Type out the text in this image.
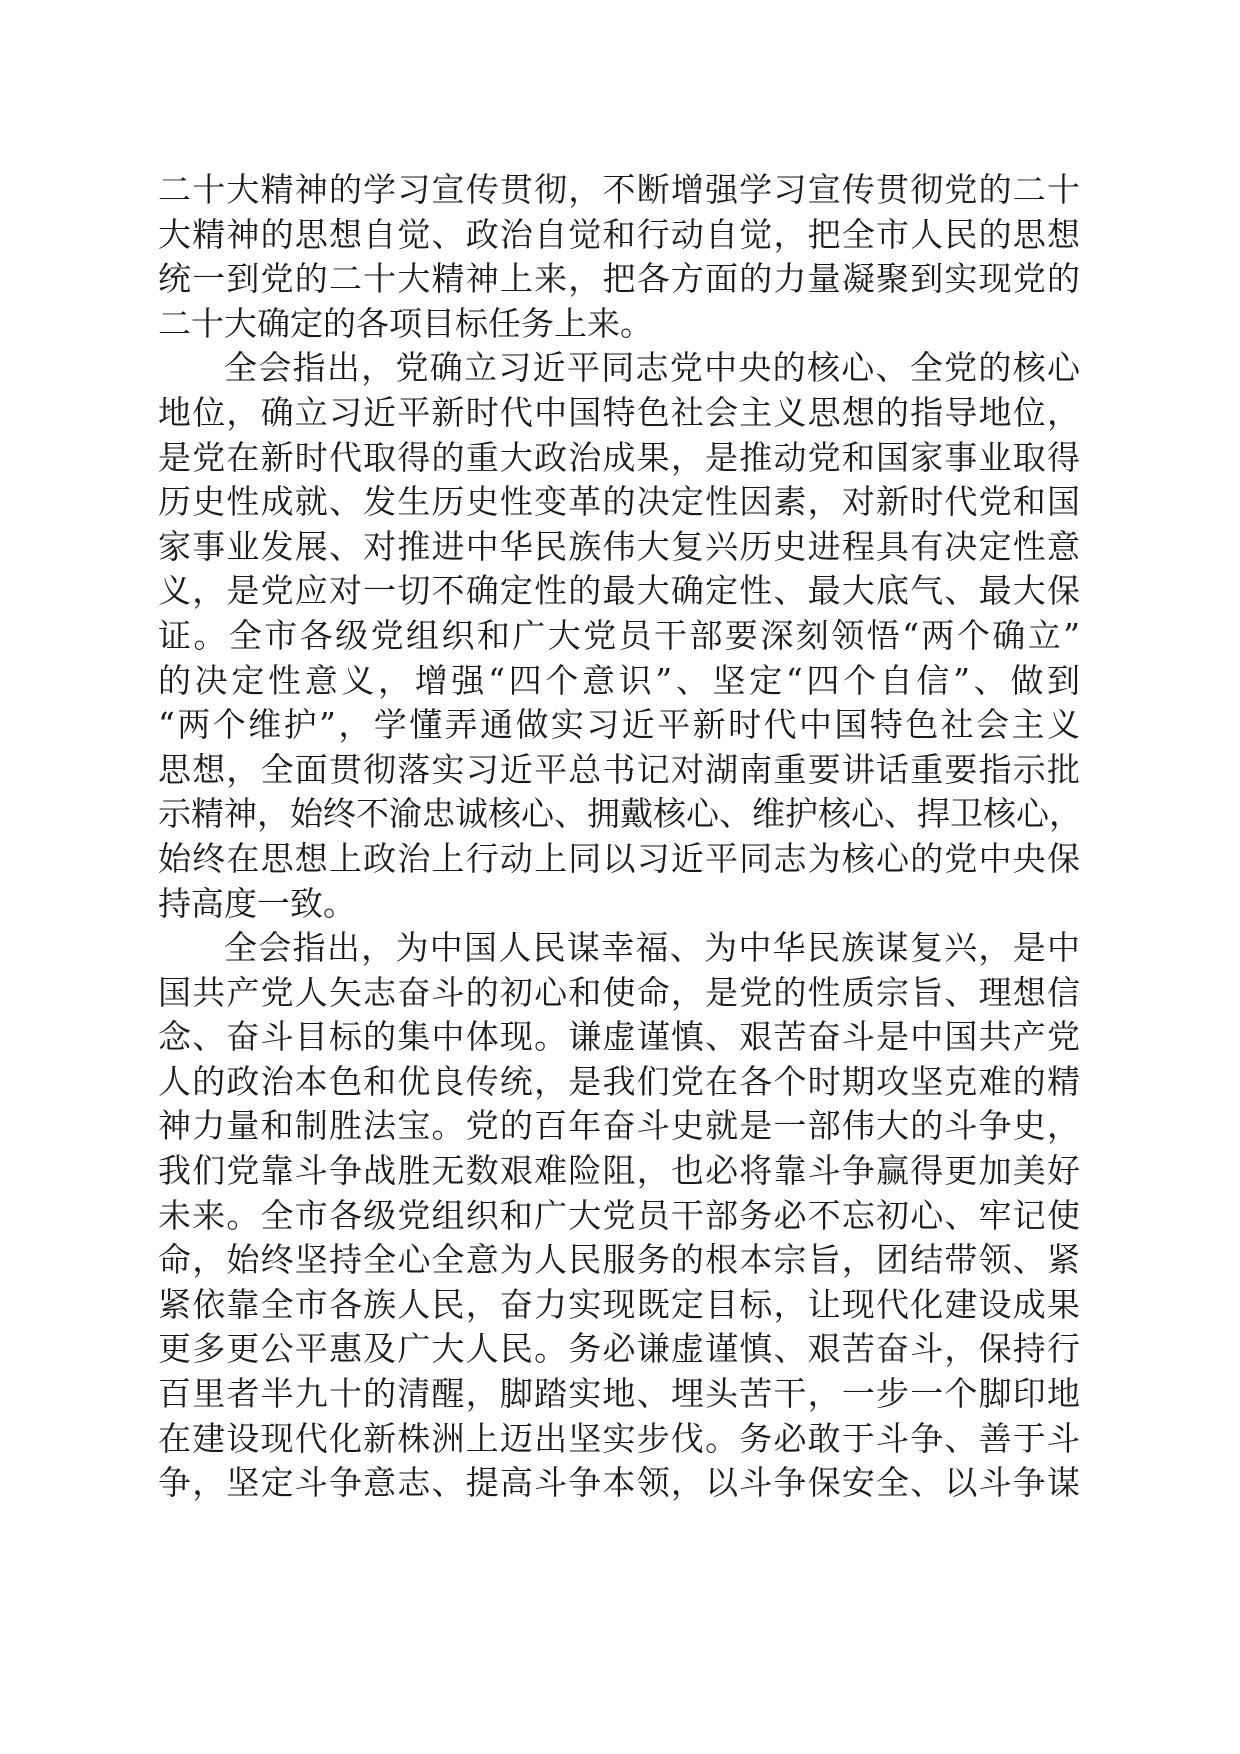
二十大精神的学习宣传贯彻，不断增强学习宣传贯彻党的二十
大精神的思想自觉、政治自觉和行动自觉，把全市人民的思想
统一到党的二十大精神上来，把各方面的力量凝聚到实现党的
二十大确定的各项目标任务上来。
全会指出，党确立习近平同志党中央的核心、全党的核心
地位，确立习近平新时代中国特色社会主义思想的指导地位，
是党在新时代取得的重大政治成果，是推动党和国家事业取得
历史性成就、发生历史性变革的决定性因素，对新时代党和国
家事业发展、对推进中华民族伟大复兴历史进程具有决定性意
义，是党应对一切不确定性的最大确定性、最大底气、最大保
证。全市各级党组织和广大党员干部要深刻领悟“两个确立”
的决定性意义，增强“四个意识”、坚定“四个自信”、做到
“两个维护”，学懂弄通做实习近平新时代中国特色社会主义
思想，全面贯彻落实习近平总书记对湖南重要讲话重要指示批
示精神，始终不渝忠诚核心、拥戴核心、维护核心、捍卫核心，
始终在思想上政治上行动上同以习近平同志为核心的党中央保
持高度一致。
全会指出，为中国人民谋幸福、为中华民族谋复兴，是中
国共产党人矢志奋斗的初心和使命，是党的性质宗旨、理想信
念、奋斗目标的集中体现。谦虚谨慎、艰苦奋斗是中国共产党
人的政治本色和优良传统，是我们党在各个时期攻坚克难的精
神力量和制胜法宝。党的百年奋斗史就是一部伟大的斗争史，
我们党靠斗争战胜无数艰难险阻，也必将靠斗争赢得更加美好
未来。全市各级党组织和广大党员干部务必不忘初心、牢记使
命，始终坚持全心全意为人民服务的根本宗旨，团结带领、紧
紧依靠全市各族人民，奋力实现既定目标，让现代化建设成果
更多更公平惠及广大人民。务必谦虚谨慎、艰苦奋斗，保持行
百里者半九十的清醒，脚踏实地、埋头苦干，一步一个脚印地
在建设现代化新株洲上迈出坚实步伐。务必敢于斗争、善于斗
争，坚定斗争意志、提高斗争本领，以斗争保安全、以斗争谋
